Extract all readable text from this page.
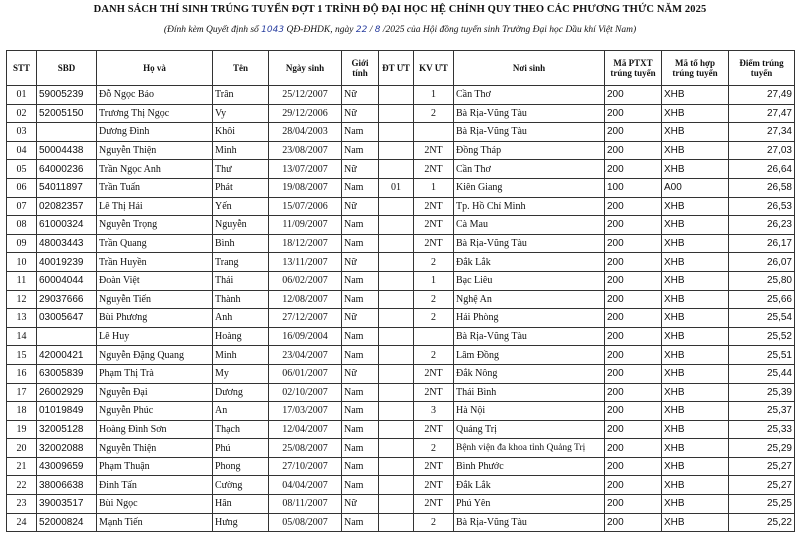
DANH SÁCH THÍ SINH TRÚNG TUYỂN ĐỢT 1 TRÌNH ĐỘ ĐẠI HỌC HỆ CHÍNH QUY THEO CÁC PHƯƠNG THỨC NĂM 2025
(Đính kèm Quyết định số 1043 QĐ-ĐHDK, ngày 22 / 8 /2025 của Hội đồng tuyển sinh Trường Đại học Dầu khí Việt Nam)
STT	SBD	Họ và	Tên	Ngày sinh	Giới tính	ĐT ƯT	KV ƯT	Nơi sinh	Mã PTXT trúng tuyển	Mã tổ hợp trúng tuyển	Điểm trúng tuyển
01	59005239	Đỗ Ngọc Bảo	Trân	25/12/2007	Nữ		1	Cần Thơ	200	XHB	27,49
02	52005150	Trương Thị Ngọc	Vy	29/12/2006	Nữ		2	Bà Rịa-Vũng Tàu	200	XHB	27,47
03		Dương Đình	Khôi	28/04/2003	Nam			Bà Rịa-Vũng Tàu	200	XHB	27,34
04	50004438	Nguyễn Thiện	Minh	23/08/2007	Nam		2NT	Đồng Tháp	200	XHB	27,03
05	64000236	Trần Ngọc Anh	Thư	13/07/2007	Nữ		2NT	Cần Thơ	200	XHB	26,64
06	54011897	Trần Tuấn	Phát	19/08/2007	Nam	01	1	Kiên Giang	100	A00	26,58
07	02082357	Lê Thị Hải	Yến	15/07/2006	Nữ		2NT	Tp. Hồ Chí Minh	200	XHB	26,53
08	61000324	Nguyễn Trọng	Nguyễn	11/09/2007	Nam		2NT	Cà Mau	200	XHB	26,23
09	48003443	Trần Quang	Bình	18/12/2007	Nam		2NT	Bà Rịa-Vũng Tàu	200	XHB	26,17
10	40019239	Trần Huyền	Trang	13/11/2007	Nữ		2	Đắk Lắk	200	XHB	26,07
11	60004044	Đoàn Việt	Thái	06/02/2007	Nam		1	Bạc Liêu	200	XHB	25,80
12	29037666	Nguyễn Tiến	Thành	12/08/2007	Nam		2	Nghệ An	200	XHB	25,66
13	03005647	Bùi Phương	Anh	27/12/2007	Nữ		2	Hải Phòng	200	XHB	25,54
14		Lê Huy	Hoàng	16/09/2004	Nam			Bà Rịa-Vũng Tàu	200	XHB	25,52
15	42000421	Nguyễn Đặng Quang	Minh	23/04/2007	Nam		2	Lâm Đồng	200	XHB	25,51
16	63005839	Phạm Thị Trà	My	06/01/2007	Nữ		2NT	Đắk Nông	200	XHB	25,44
17	26002929	Nguyễn Đại	Dương	02/10/2007	Nam		2NT	Thái Bình	200	XHB	25,39
18	01019849	Nguyễn Phúc	An	17/03/2007	Nam		3	Hà Nội	200	XHB	25,37
19	32005128	Hoàng Đình Sơn	Thạch	12/04/2007	Nam		2NT	Quảng Trị	200	XHB	25,33
20	32002088	Nguyễn Thiện	Phú	25/08/2007	Nam		2	Bệnh viện đa khoa tỉnh Quảng Trị	200	XHB	25,29
21	43009659	Phạm Thuận	Phong	27/10/2007	Nam		2NT	Bình Phước	200	XHB	25,27
22	38006638	Đinh Tấn	Cường	04/04/2007	Nam		2NT	Đắk Lắk	200	XHB	25,27
23	39003517	Bùi Ngọc	Hân	08/11/2007	Nữ		2NT	Phú Yên	200	XHB	25,25
24	52000824	Mạnh Tiến	Hưng	05/08/2007	Nam		2	Bà Rịa-Vũng Tàu	200	XHB	25,22
